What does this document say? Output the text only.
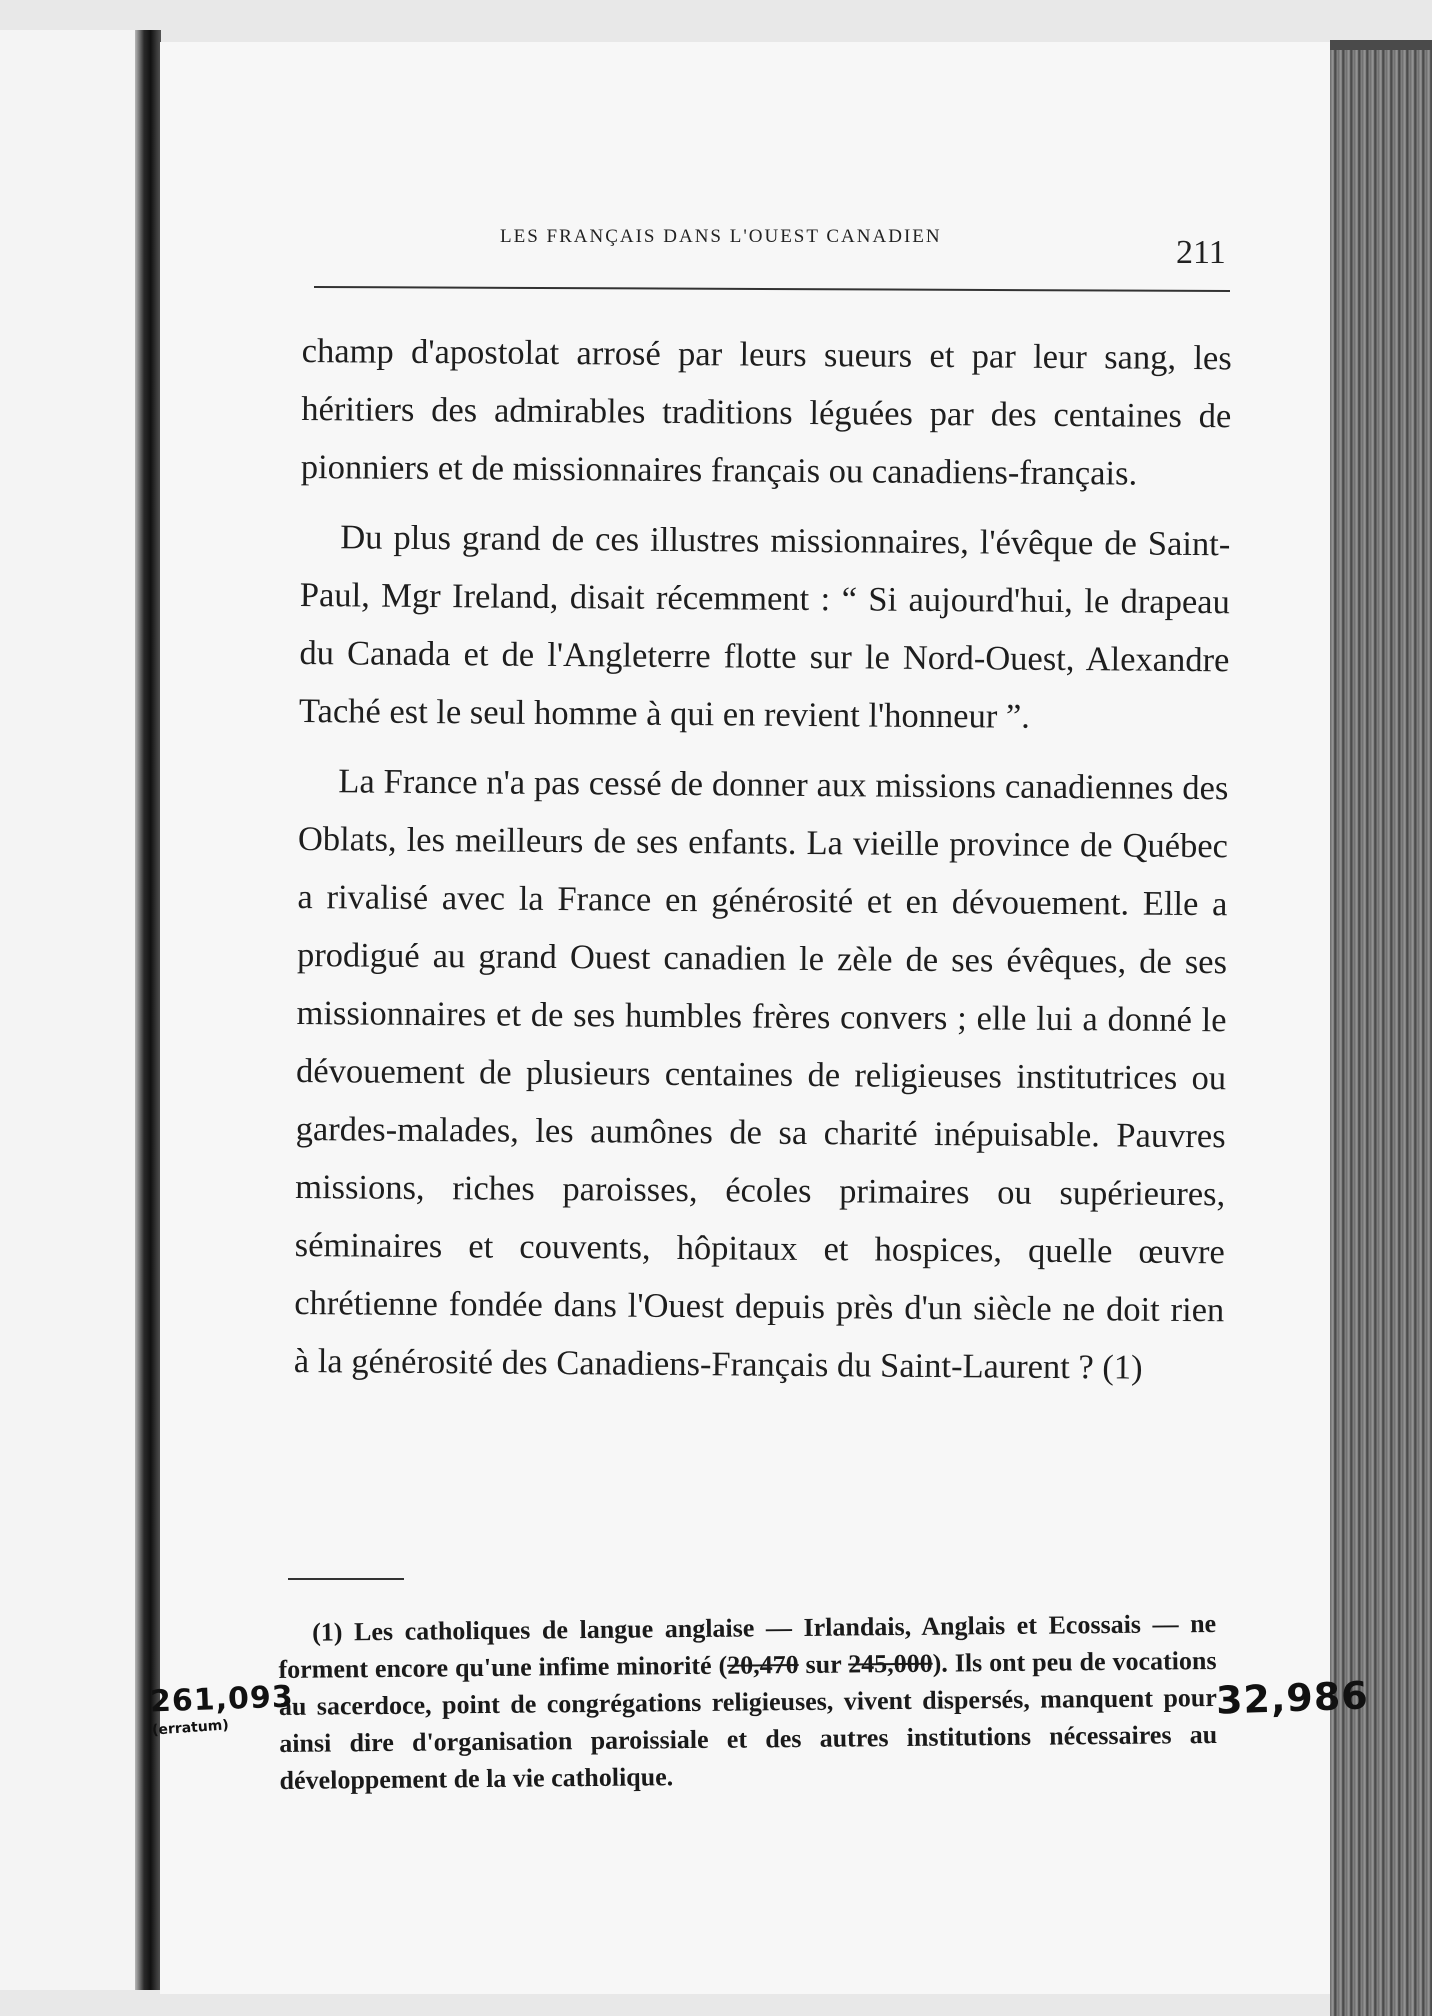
LES FRANÇAIS DANS L'OUEST CANADIEN	211

champ d'apostolat arrosé par leurs sueurs et par leur sang, les héritiers des admirables traditions léguées par des centaines de pionniers et de missionnaires français ou canadiens-français.

Du plus grand de ces illustres missionnaires, l'évêque de Saint-Paul, Mgr Ireland, disait récemment : “ Si aujourd'hui, le drapeau du Canada et de l'Angleterre flotte sur le Nord-Ouest, Alexandre Taché est le seul homme à qui en revient l'honneur ”.

La France n'a pas cessé de donner aux missions canadiennes des Oblats, les meilleurs de ses enfants. La vieille province de Québec a rivalisé avec la France en générosité et en dévouement. Elle a prodigué au grand Ouest canadien le zèle de ses évêques, de ses missionnaires et de ses humbles frères convers ; elle lui a donné le dévouement de plusieurs centaines de religieuses institutrices ou gardes-malades, les aumônes de sa charité inépuisable. Pauvres missions, riches paroisses, écoles primaires ou supérieures, séminaires et couvents, hôpitaux et hospices, quelle œuvre chrétienne fondée dans l'Ouest depuis près d'un siècle ne doit rien à la générosité des Canadiens-Français du Saint-Laurent ? (1)

(1) Les catholiques de langue anglaise — Irlandais, Anglais et Ecossais — ne forment encore qu'une infime minorité (20,470 sur 245,000). Ils ont peu de vocations au sacerdoce, point de congrégations religieuses, vivent dispersés, manquent pour ainsi dire d'organisation paroissiale et des autres institutions nécessaires au développement de la vie catholique.

261,093
(erratum)
32,986
